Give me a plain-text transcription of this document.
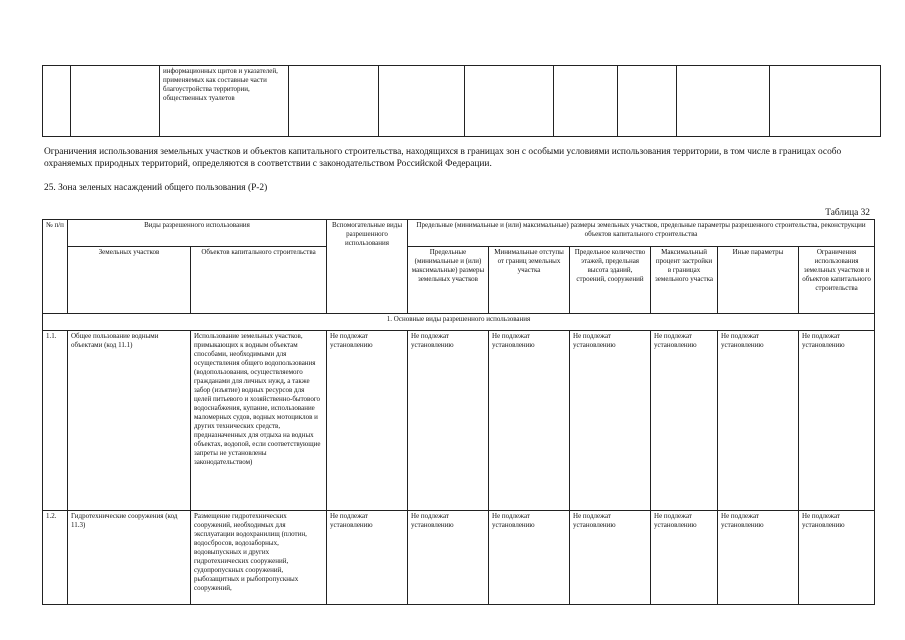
		информационных щитов и указателей, применяемых как составные части благоустройства территории, общественных туалетов							
Ограничения использования земельных участков и объектов капитального строительства, находящихся в границах зон с особыми условиями использования территории, в том числе в границах особо охраняемых природных территорий, определяются в соответствии с законодательством Российской Федерации.
25. Зона зеленых насаждений общего пользования (Р-2)
Таблица 32
№ п/п	Виды разрешенного использования		Вспомогательные виды разрешенного использования	Предельные (минимальные и (или) максимальные) размеры земельных участков, предельные параметры разрешенного строительства, реконструкции объектов капитального строительства					
	Земельных участков	Объектов капитального строительства		Предельные (минимальные и (или) максимальные) размеры земельных участков	Минимальные отступы от границ земельных участка	Предельное количество этажей, предельная высота зданий, строений, сооружений	Максимальный процент застройки в границах земельного участка	Иные параметры	Ограничения использования земельных участков и объектов капитального строительства
1. Основные виды разрешенного использования									
1.1.	Общее пользование водными объектами (код 11.1)	Использование земельных участков, примыкающих к водным объектам способами, необходимыми для осуществления общего водопользования (водопользования, осуществляемого гражданами для личных нужд, а также забор (изъятие) водных ресурсов для целей питьевого и хозяйственно-бытового водоснабжения, купание, использование маломерных судов, водных мотоциклов и других технических средств, предназначенных для отдыха на водных объектах, водопой, если соответствующие запреты не установлены законодательством)	Не подлежат установлению	Не подлежат установлению	Не подлежат установлению	Не подлежат установлению	Не подлежат установлению	Не подлежат установлению	Не подлежат установлению
1.2.	Гидротехнические сооружения (код 11.3)	Размещение гидротехнических сооружений, необходимых для эксплуатации водохранилищ (плотин, водосбросов, водозаборных, водовыпускных и других гидротехнических сооружений, судопропускных сооружений, рыбозащитных и рыбопропускных сооружений,	Не подлежат установлению	Не подлежат установлению	Не подлежат установлению	Не подлежат установлению	Не подлежат установлению	Не подлежат установлению	Не подлежат установлению
